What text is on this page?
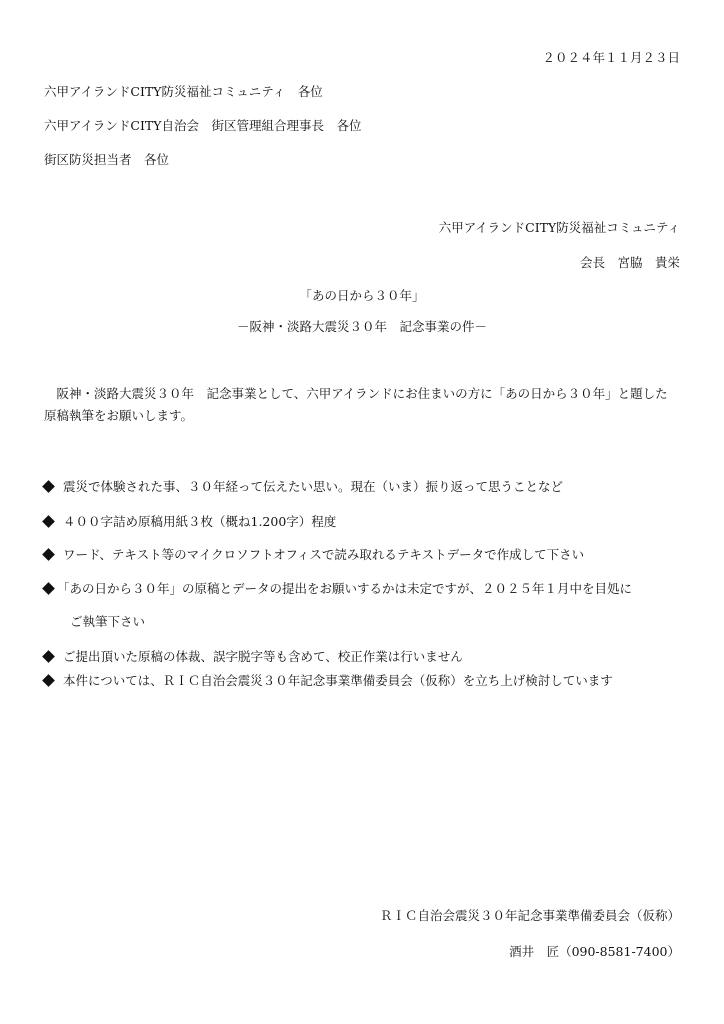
２０２４年１１月２３日
六甲アイランドCITY防災福祉コミュニティ　各位
六甲アイランドCITY自治会　街区管理組合理事長　各位
街区防災担当者　各位
六甲アイランドCITY防災福祉コミュニティ
会長　宮脇　貴栄
「あの日から３０年」
－阪神・淡路大震災３０年　記念事業の件－
阪神・淡路大震災３０年　記念事業として、六甲アイランドにお住まいの方に「あの日から３０年」と題した原稿執筆をお願いします。
震災で体験された事、３０年経って伝えたい思い。現在（いま）振り返って思うことなど
４００字詰め原稿用紙３枚（概ね1.200字）程度
ワード、テキスト等のマイクロソフトオフィスで読み取れるテキストデータで作成して下さい
「あの日から３０年」の原稿とデータの提出をお願いするかは未定ですが、２０２５年１月中を目処に
ご執筆下さい
ご提出頂いた原稿の体裁、誤字脱字等も含めて、校正作業は行いません
本件については、ＲＩＣ自治会震災３０年記念事業準備委員会（仮称）を立ち上げ検討しています
ＲＩＣ自治会震災３０年記念事業準備委員会（仮称）
酒井　匠（090-8581-7400）
